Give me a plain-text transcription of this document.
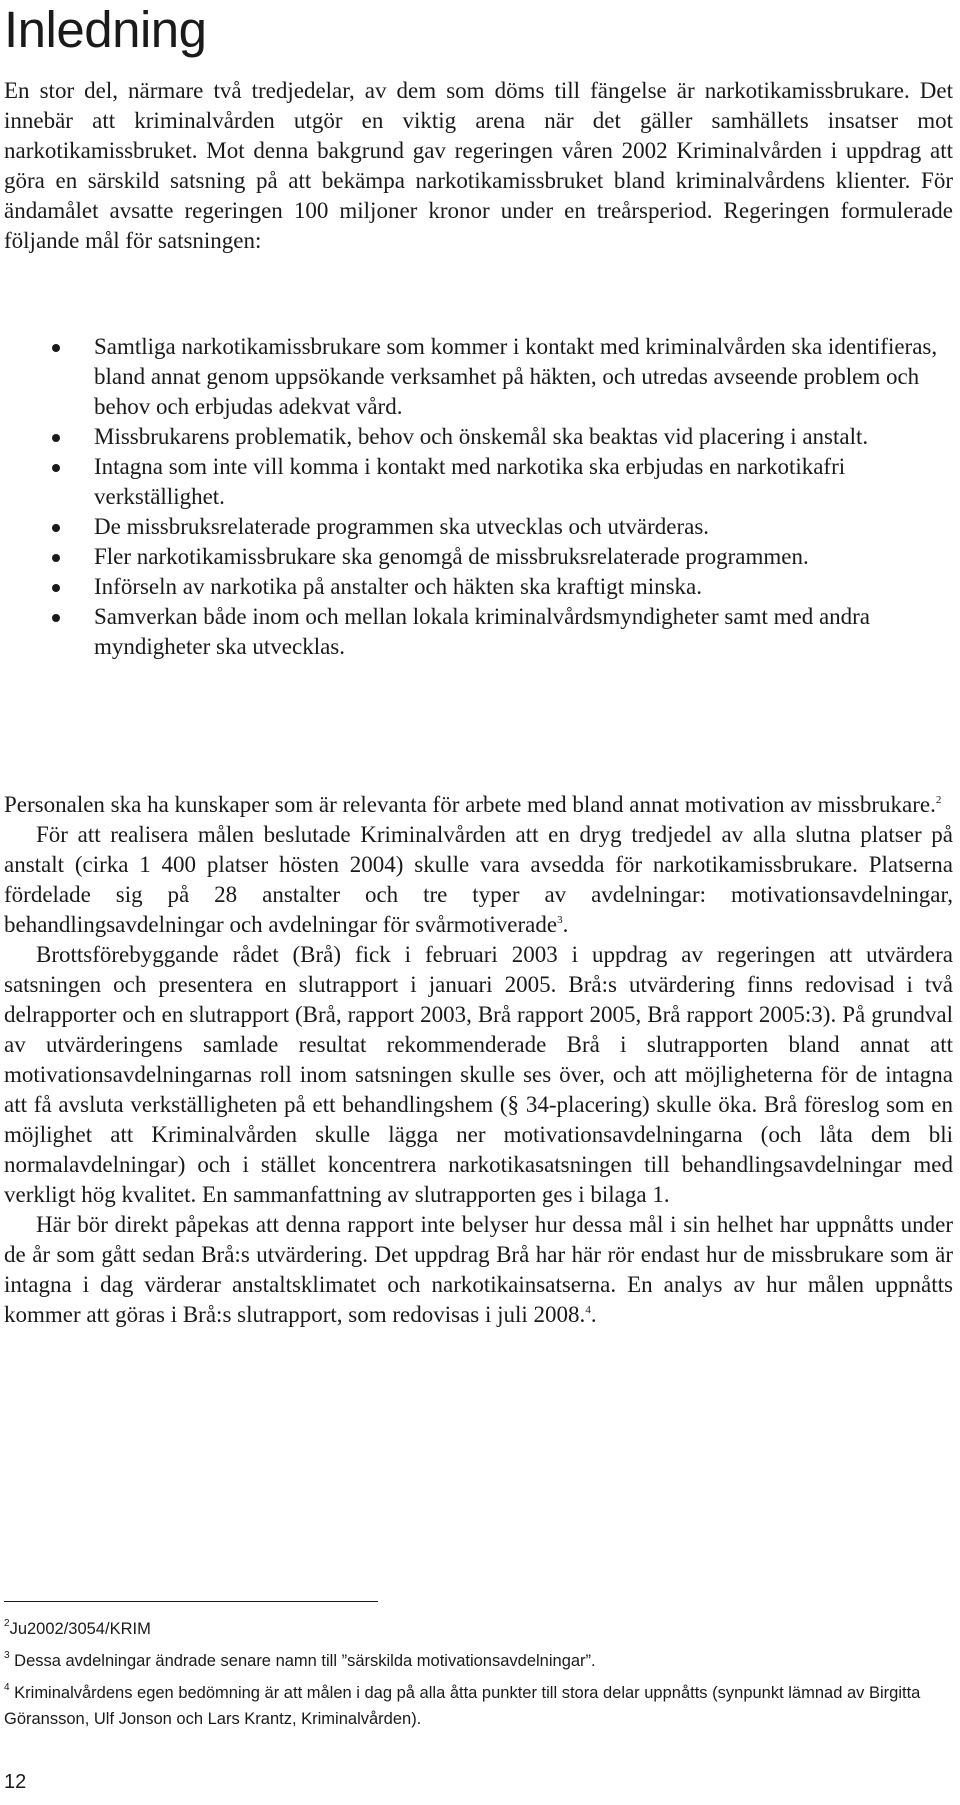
Inledning

En stor del, närmare två tredjedelar, av dem som döms till fängelse är narkotikamissbrukare. Det innebär att kriminalvården utgör en viktig arena när det gäller samhällets insatser mot narkotikamissbruket. Mot denna bakgrund gav regeringen våren 2002 Kriminalvården i uppdrag att göra en särskild satsning på att bekämpa narkotikamissbruket bland kriminalvårdens klienter. För ändamålet avsatte regeringen 100 miljoner kronor under en treårsperiod. Regeringen formulerade följande mål för satsningen:

Samtliga narkotikamissbrukare som kommer i kontakt med kriminalvården ska identifieras, bland annat genom uppsökande verksamhet på häkten, och utredas avseende problem och behov och erbjudas adekvat vård.
Missbrukarens problematik, behov och önskemål ska beaktas vid placering i anstalt.
Intagna som inte vill komma i kontakt med narkotika ska erbjudas en narkotikafri verkställighet.
De missbruksrelaterade programmen ska utvecklas och utvärderas.
Fler narkotikamissbrukare ska genomgå de missbruksrelaterade programmen.
Införseln av narkotika på anstalter och häkten ska kraftigt minska.
Samverkan både inom och mellan lokala kriminalvårdsmyndigheter samt med andra myndigheter ska utvecklas.

Personalen ska ha kunskaper som är relevanta för arbete med bland annat motivation av missbrukare.$^2$

För att realisera målen beslutade Kriminalvården att en dryg tredjedel av alla slutna platser på anstalt (cirka 1 400 platser hösten 2004) skulle vara avsedda för narkotikamissbrukare. Platserna fördelade sig på 28 anstalter och tre typer av avdelningar: motivationsavdelningar, behandlingsavdelningar och avdelningar för svårmotiverade$^3$.

Brottsförebyggande rådet (Brå) fick i februari 2003 i uppdrag av regeringen att utvärdera satsningen och presentera en slutrapport i januari 2005. Brå:s utvärdering finns redovisad i två delrapporter och en slutrapport (Brå, rapport 2003, Brå rapport 2005, Brå rapport 2005:3). På grundval av utvärderingens samlade resultat rekommenderade Brå i slutrapporten bland annat att motivationsavdelningarnas roll inom satsningen skulle ses över, och att möjligheterna för de intagna att få avsluta verkställigheten på ett behandlingshem (§ 34-placering) skulle öka. Brå föreslog som en möjlighet att Kriminalvården skulle lägga ner motivationsavdelningarna (och låta dem bli normalavdelningar) och i stället koncentrera narkotikasatsningen till behandlingsavdelningar med verkligt hög kvalitet. En sammanfattning av slutrapporten ges i bilaga 1.

Här bör direkt påpekas att denna rapport inte belyser hur dessa mål i sin helhet har uppnåtts under de år som gått sedan Brå:s utvärdering. Det uppdrag Brå har här rör endast hur de missbrukare som är intagna i dag värderar anstaltsklimatet och narkotikainsatserna. En analys av hur målen uppnåtts kommer att göras i Brå:s slutrapport, som redovisas i juli 2008.$^4$.

$^2$Ju2002/3054/KRIM

$^3$ Dessa avdelningar ändrade senare namn till ”särskilda motivationsavdelningar”.

$^4$ Kriminalvårdens egen bedömning är att målen i dag på alla åtta punkter till stora delar uppnåtts (synpunkt lämnad av Birgitta Göransson, Ulf Jonson och Lars Krantz, Kriminalvården).

12
